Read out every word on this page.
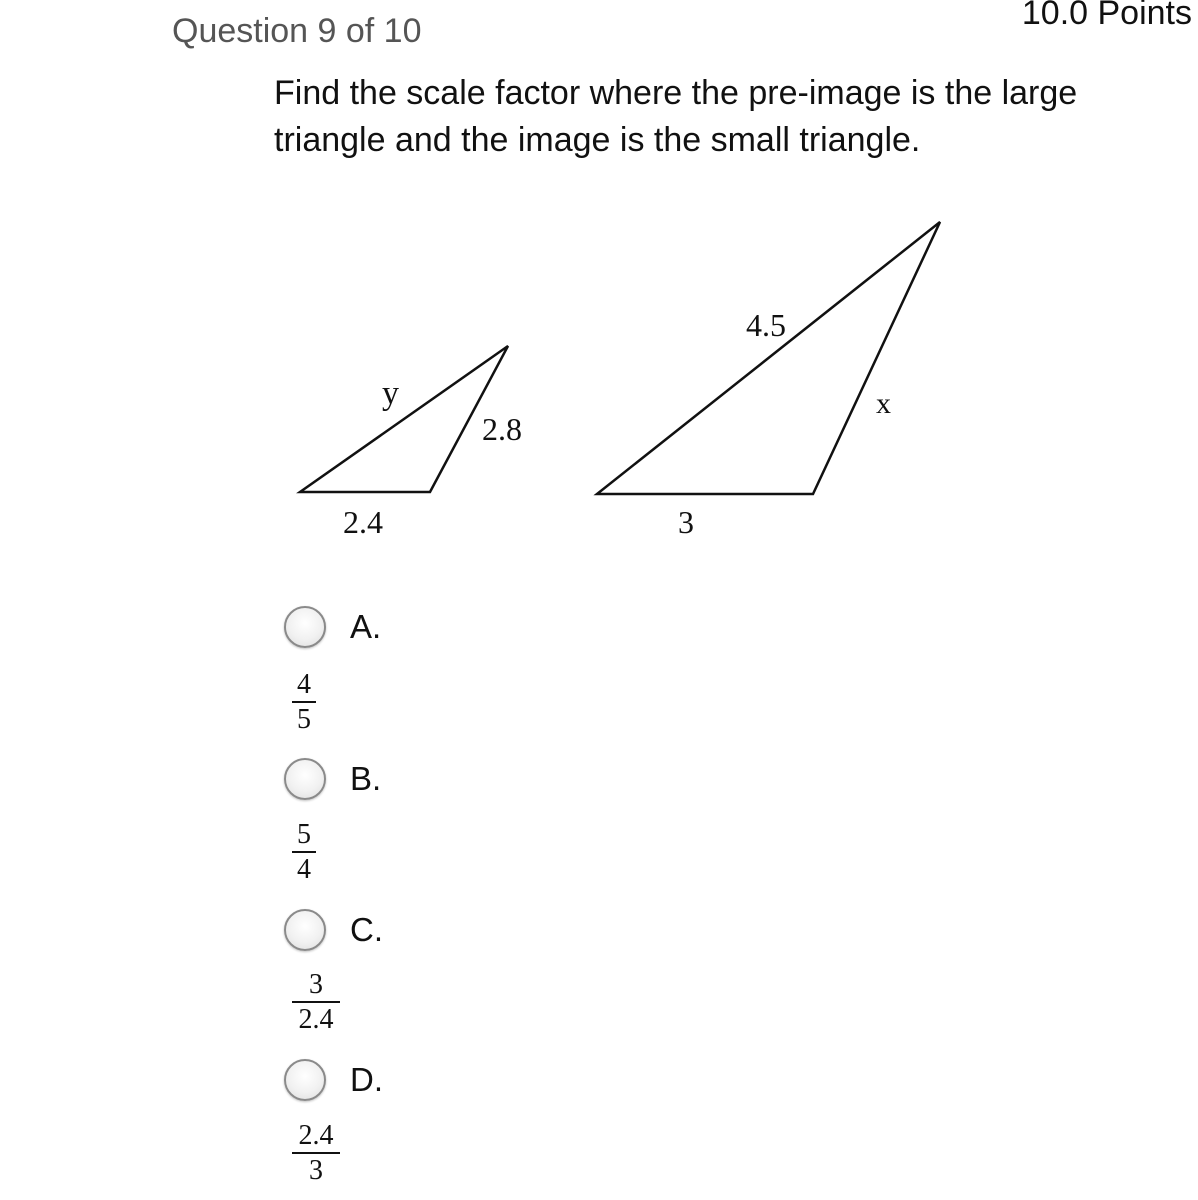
Question 9 of 10	10.0 Points
Find the scale factor where the pre-image is the large triangle and the image is the small triangle.
y
2.8
2.4
4.5
x
3
A.
4
5
B.
5
4
C.
3
2.4
D.
2.4
3
